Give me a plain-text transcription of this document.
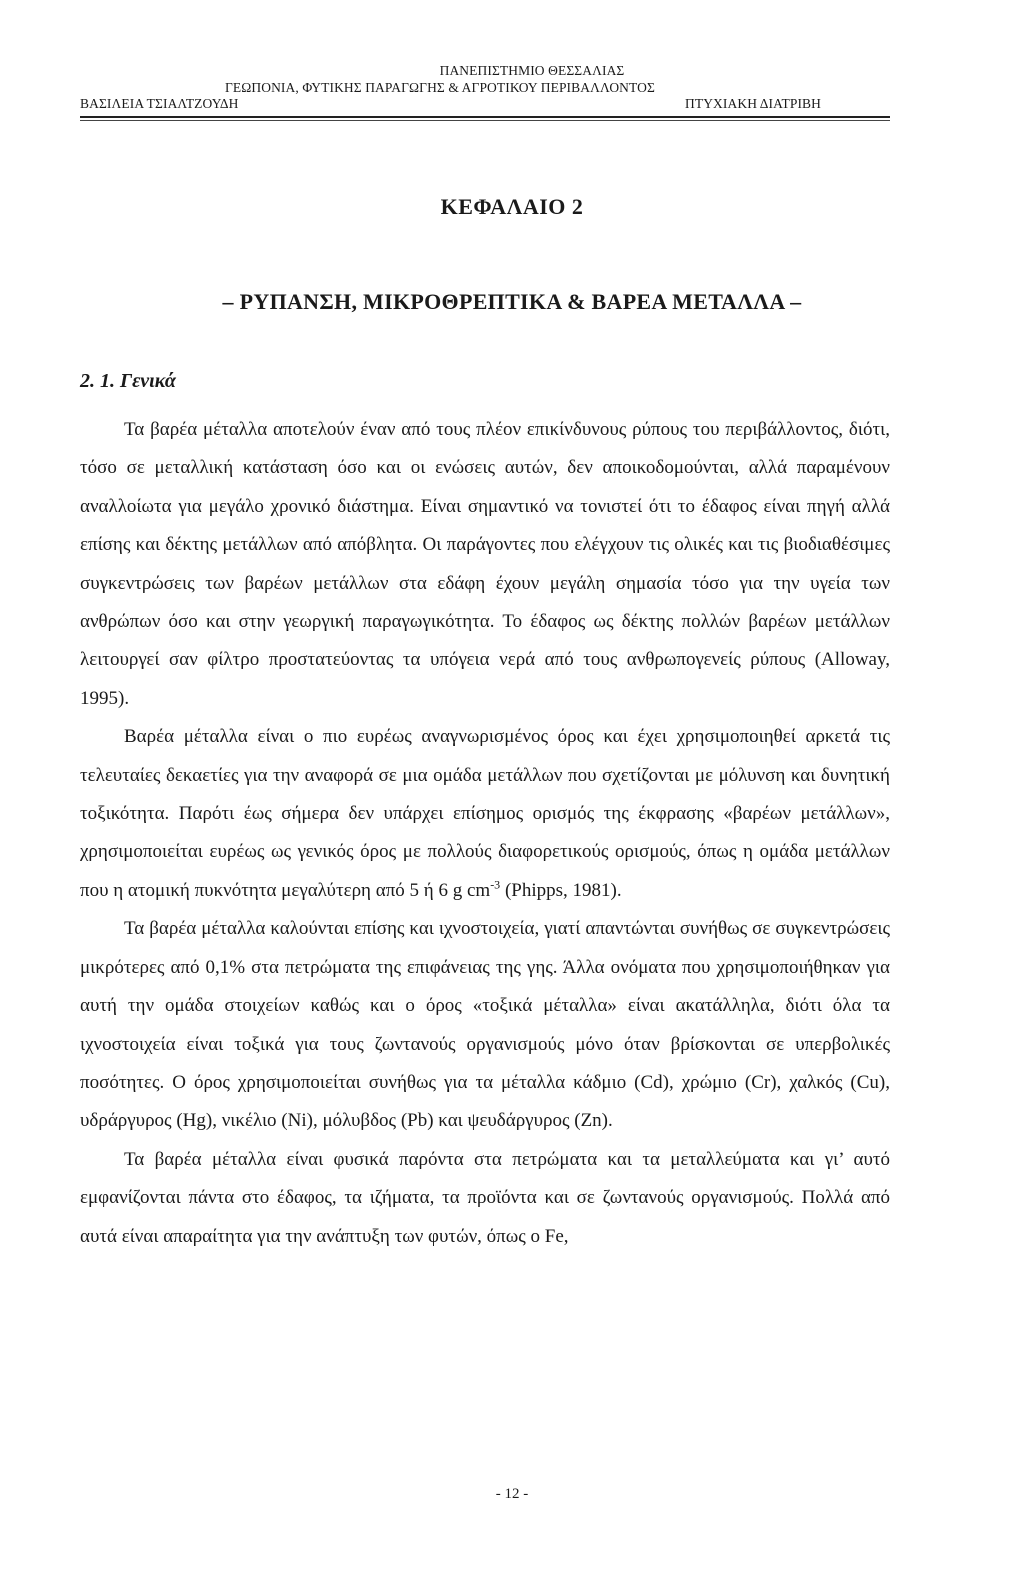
ΠΑΝΕΠΙΣΤΗΜΙΟ ΘΕΣΣΑΛΙΑΣ
ΓΕΩΠΟΝΙΑ, ΦΥΤΙΚΗΣ ΠΑΡΑΓΩΓΗΣ & ΑΓΡΟΤΙΚΟΥ ΠΕΡΙΒΑΛΛΟΝΤΟΣ
ΒΑΣΙΛΕΙΑ ΤΣΙΑΛΤΖΟΥΔΗ	ΠΤΥΧΙΑΚΗ ΔΙΑΤΡΙΒΗ
ΚΕΦΑΛΑΙΟ 2
– ΡΥΠΑΝΣΗ, ΜΙΚΡΟΘΡΕΠΤΙΚΑ & ΒΑΡΕΑ ΜΕΤΑΛΛΑ –
2. 1. Γενικά

Τα βαρέα μέταλλα αποτελούν έναν από τους πλέον επικίνδυνους ρύπους του περιβάλλοντος, διότι, τόσο σε μεταλλική κατάσταση όσο και οι ενώσεις αυτών, δεν αποικοδομούνται, αλλά παραμένουν αναλλοίωτα για μεγάλο χρονικό διάστημα. Είναι σημαντικό να τονιστεί ότι το έδαφος είναι πηγή αλλά επίσης και δέκτης μετάλλων από απόβλητα. Οι παράγοντες που ελέγχουν τις ολικές και τις βιοδιαθέσιμες συγκεντρώσεις των βαρέων μετάλλων στα εδάφη έχουν μεγάλη σημασία τόσο για την υγεία των ανθρώπων όσο και στην γεωργική παραγωγικότητα. Το έδαφος ως δέκτης πολλών βαρέων μετάλλων λειτουργεί σαν φίλτρο προστατεύοντας τα υπόγεια νερά από τους ανθρωπογενείς ρύπους (Alloway, 1995).

Βαρέα μέταλλα είναι ο πιο ευρέως αναγνωρισμένος όρος και έχει χρησιμοποιηθεί αρκετά τις τελευταίες δεκαετίες για την αναφορά σε μια ομάδα μετάλλων που σχετίζονται με μόλυνση και δυνητική τοξικότητα. Παρότι έως σήμερα δεν υπάρχει επίσημος ορισμός της έκφρασης «βαρέων μετάλλων», χρησιμοποιείται ευρέως ως γενικός όρος με πολλούς διαφορετικούς ορισμούς, όπως η ομάδα μετάλλων που η ατομική πυκνότητα μεγαλύτερη από 5 ή 6 g $cm^{-3}$ (Phipps, 1981).

Τα βαρέα μέταλλα καλούνται επίσης και ιχνοστοιχεία, γιατί απαντώνται συνήθως σε συγκεντρώσεις μικρότερες από 0,1% στα πετρώματα της επιφάνειας της γης. Άλλα ονόματα που χρησιμοποιήθηκαν για αυτή την ομάδα στοιχείων καθώς και ο όρος «τοξικά μέταλλα» είναι ακατάλληλα, διότι όλα τα ιχνοστοιχεία είναι τοξικά για τους ζωντανούς οργανισμούς μόνο όταν βρίσκονται σε υπερβολικές ποσότητες. Ο όρος χρησιμοποιείται συνήθως για τα μέταλλα κάδμιο (Cd), χρώμιο (Cr), χαλκός (Cu), υδράργυρος (Hg), νικέλιο (Ni), μόλυβδος (Pb) και ψευδάργυρος (Zn).

Τα βαρέα μέταλλα είναι φυσικά παρόντα στα πετρώματα και τα μεταλλεύματα και γι’ αυτό εμφανίζονται πάντα στο έδαφος, τα ιζήματα, τα προϊόντα και σε ζωντανούς οργανισμούς. Πολλά από αυτά είναι απαραίτητα για την ανάπτυξη των φυτών, όπως ο Fe,

- 12 -
